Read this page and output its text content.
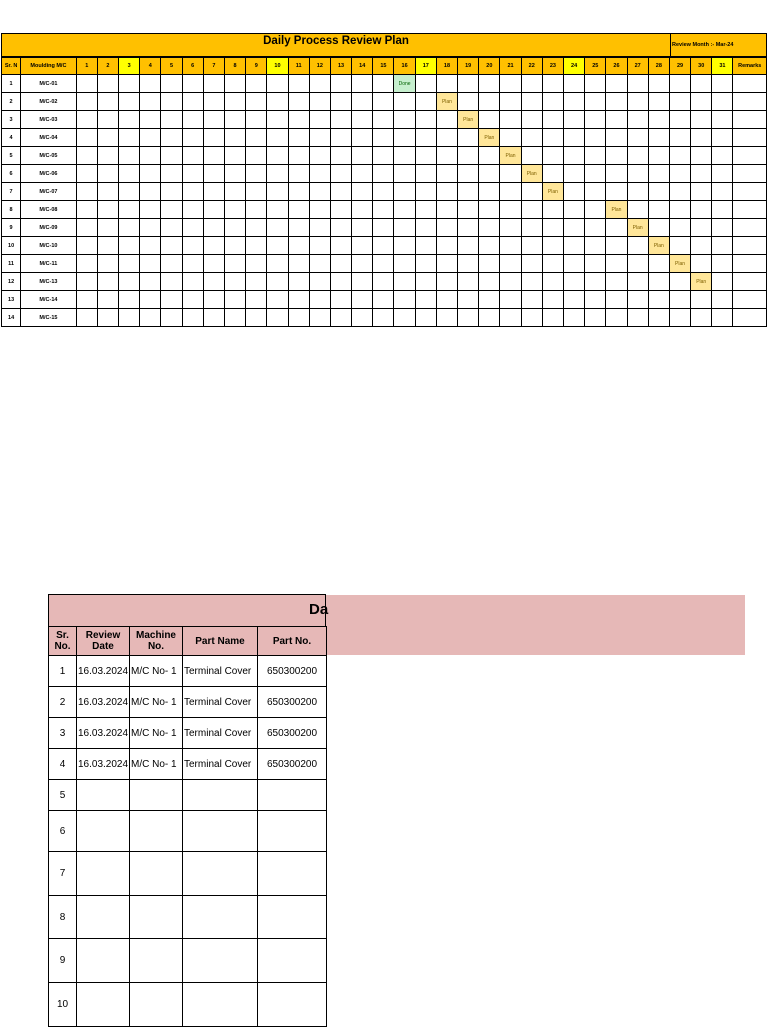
Daily Process Review Plan	Review Month :- Mar-24
Sr. N	Moulding M/C	1	2	3	4	5	6	7	8	9	10	11	12	13	14	15	16	17	18	19	20	21	22	23	24	25	26	27	28	29	30	31	Remarks
1	M/C-01																Done																
2	M/C-02																		Plan														
3	M/C-03																			Plan													
4	M/C-04																				Plan												
5	M/C-05																					Plan											
6	M/C-06																						Plan										
7	M/C-07																							Plan									
8	M/C-08																										Plan						
9	M/C-09																											Plan					
10	M/C-10																												Plan				
11	M/C-11																													Plan			
12	M/C-13																														Plan		
13	M/C-14																																
14	M/C-15																																
Da
Sr. No.	Review Date	Machine No.	Part Name	Part No.
1	16.03.2024	M/C No- 1	Terminal Cover	650300200
2	16.03.2024	M/C No- 1	Terminal Cover	650300200
3	16.03.2024	M/C No- 1	Terminal Cover	650300200
4	16.03.2024	M/C No- 1	Terminal Cover	650300200
5				
6				
7				
8				
9				
10				
